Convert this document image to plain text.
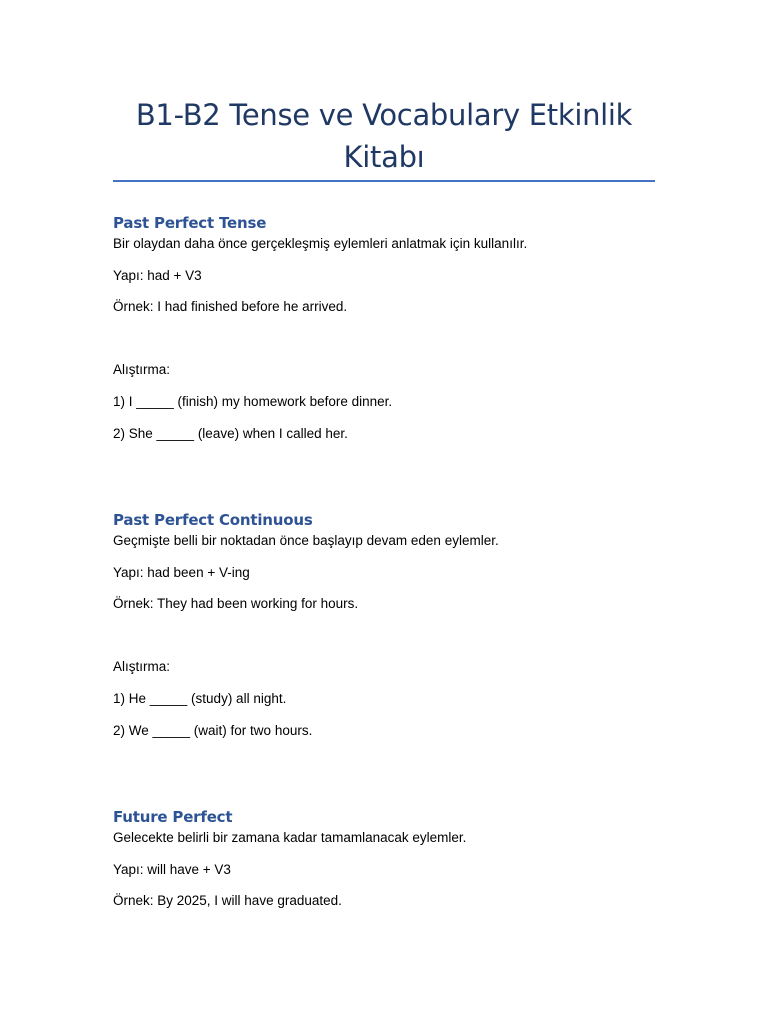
B1-B2 Tense ve Vocabulary Etkinlik Kitabı
Past Perfect Tense
Bir olaydan daha önce gerçekleşmiş eylemleri anlatmak için kullanılır.
Yapı: had + V3
Örnek: I had finished before he arrived.
Alıştırma:
1) I _____ (finish) my homework before dinner.
2) She _____ (leave) when I called her.
Past Perfect Continuous
Geçmişte belli bir noktadan önce başlayıp devam eden eylemler.
Yapı: had been + V-ing
Örnek: They had been working for hours.
Alıştırma:
1) He _____ (study) all night.
2) We _____ (wait) for two hours.
Future Perfect
Gelecekte belirli bir zamana kadar tamamlanacak eylemler.
Yapı: will have + V3
Örnek: By 2025, I will have graduated.
